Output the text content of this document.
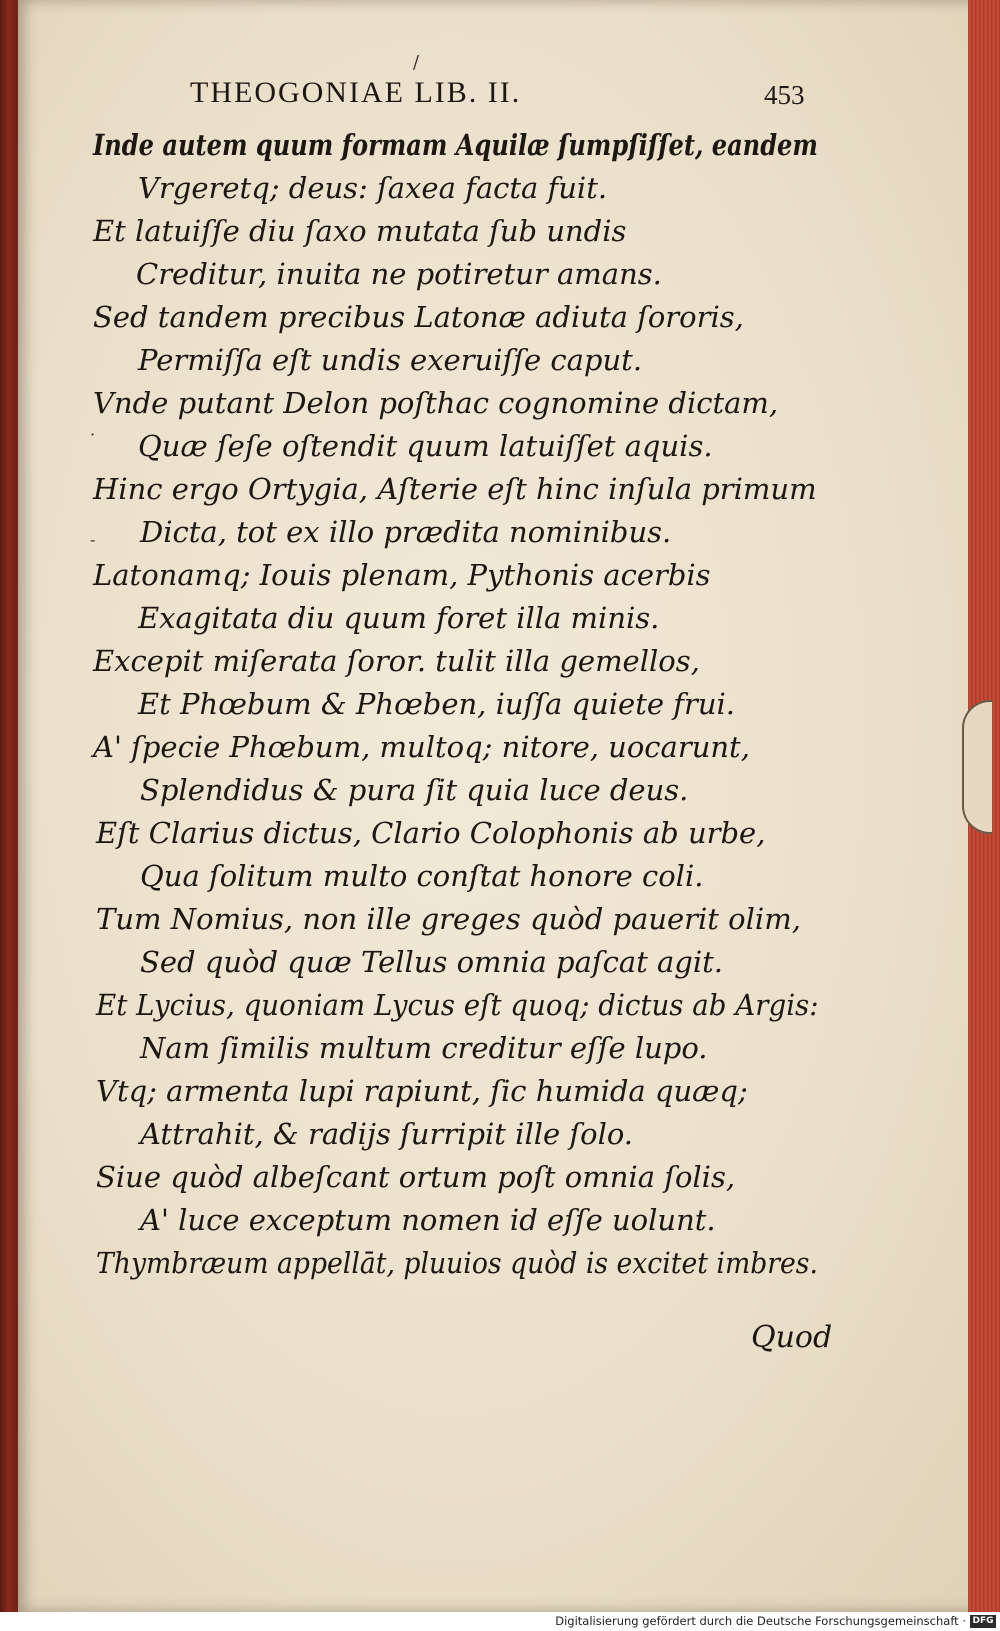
THEOGONIAE LIB. II.	453
Inde autem quum formam Aquilæ ſumpſiſſet, eandem
Vrgeretq; deus: ſaxea facta fuit.
Et latuiſſe diu ſaxo mutata ſub undis
Creditur, inuita ne potiretur amans.
Sed tandem precibus Latonæ adiuta ſororis,
Permiſſa eſt undis exeruiſſe caput.
Vnde putant Delon poſthac cognomine dictam,
Quæ ſeſe oſtendit quum latuiſſet aquis.
Hinc ergo Ortygia, Aſterie eſt hinc inſula primum
Dicta, tot ex illo prædita nominibus.
Latonamq; Iouis plenam, Pythonis acerbis
Exagitata diu quum foret illa minis.
Excepit miſerata ſoror. tulit illa gemellos,
Et Phœbum & Phœben, iuſſa quiete frui.
A' ſpecie Phœbum, multoq; nitore, uocarunt,
Splendidus & pura ſit quia luce deus.
Eſt Clarius dictus, Clario Colophonis ab urbe,
Qua ſolitum multo conſtat honore coli.
Tum Nomius, non ille greges quòd pauerit olim,
Sed quòd quæ Tellus omnia paſcat agit.
Et Lycius, quoniam Lycus eſt quoq; dictus ab Argis:
Nam ſimilis multum creditur eſſe lupo.
Vtq; armenta lupi rapiunt, ſic humida quæq;
Attrahit, & radijs ſurripit ille ſolo.
Siue quòd albeſcant ortum poſt omnia ſolis,
A' luce exceptum nomen id eſſe uolunt.
Thymbræum appellāt, pluuios quòd is excitet imbres.
Quod
/
·
-
Digitalisierung gefördert durch die Deutsche Forschungsgemeinschaft · DFG
